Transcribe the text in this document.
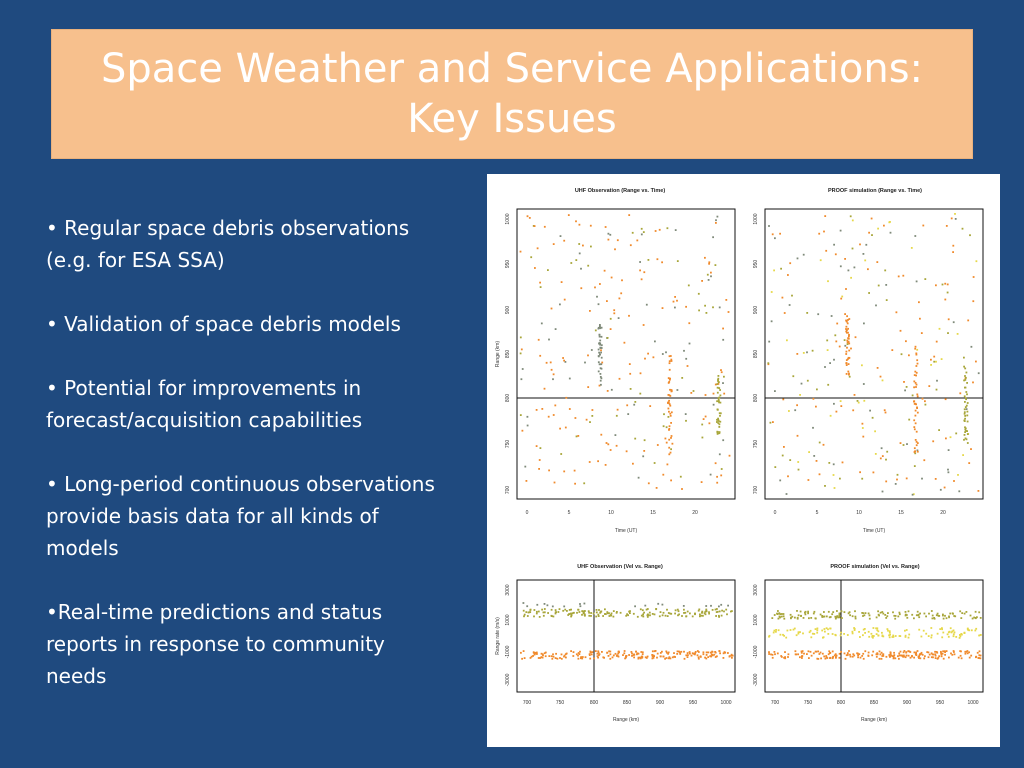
Space Weather and Service Applications:
Key Issues
• Regular space debris observations (e.g. for ESA SSA)
• Validation of space debris models
• Potential for improvements in forecast/acquisition capabilities
• Long-period continuous observations provide basis data for all kinds of models
•Real-time predictions and status reports in response to community needs
UHF Observation (Range vs. Time)
0	5	10	15	20
Time (UT)
700
750
800
850
900
950
1000
Range (km)
PROOF simulation (Range vs. Time)
0	5	10	15	20
Time (UT)
700
750
800
850
900
950
1000
UHF Observation (Vel vs. Range)
700	750	800	850	900	950	1000
Range (km)
-3000
-1000
1000
3000
Range rate (m/s)
PROOF simulation (Vel vs. Range)
700	750	800	850	900	950	1000
Range (km)
-3000
-1000
1000
3000
